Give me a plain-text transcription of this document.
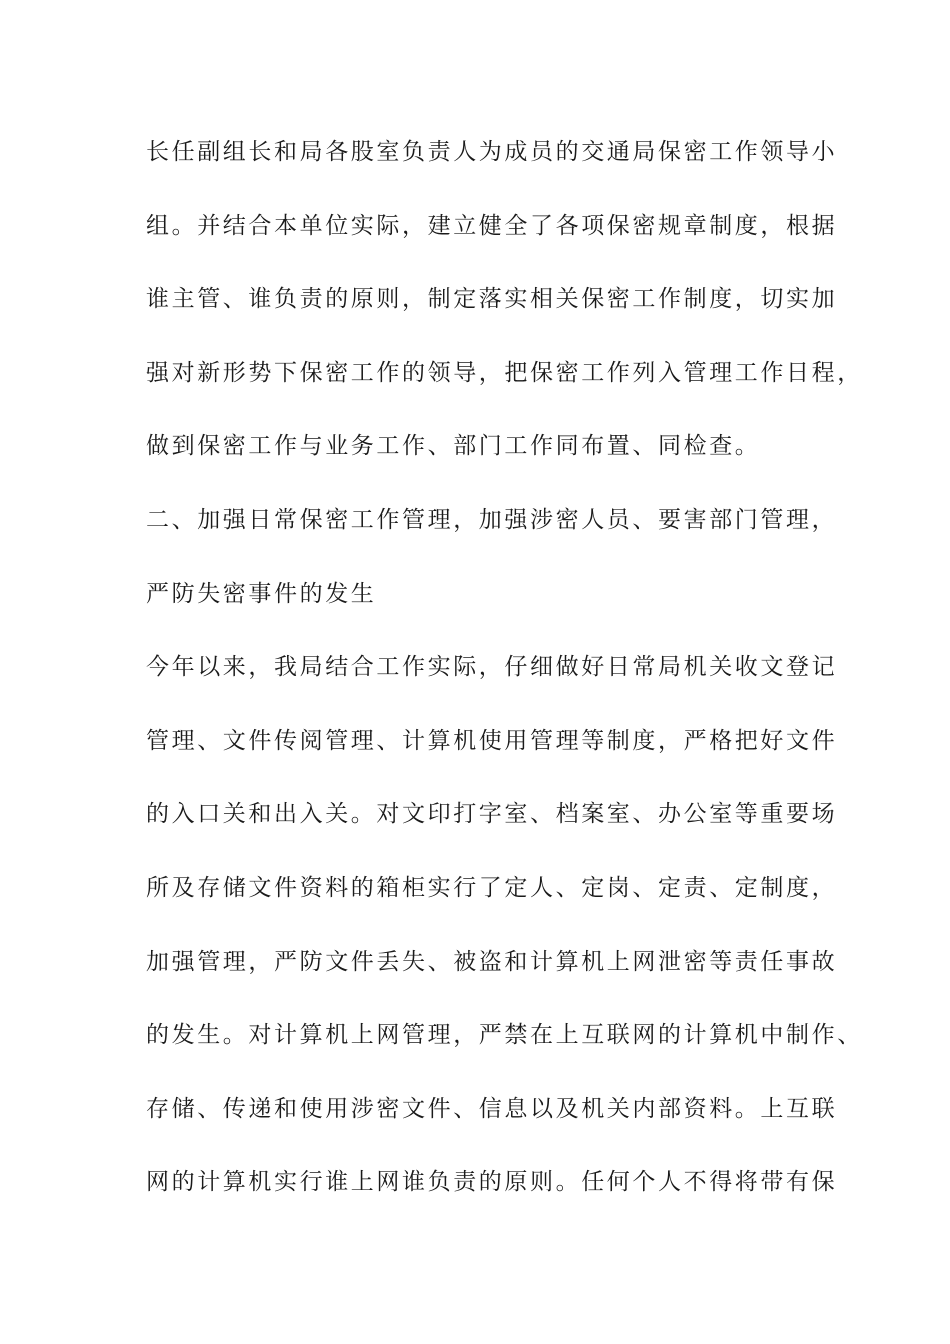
长任副组长和局各股室负责人为成员的交通局保密工作领导小
组。并结合本单位实际，建立健全了各项保密规章制度，根据
谁主管、谁负责的原则，制定落实相关保密工作制度，切实加
强对新形势下保密工作的领导，把保密工作列入管理工作日程，
做到保密工作与业务工作、部门工作同布置、同检查。
二、加强日常保密工作管理，加强涉密人员、要害部门管理，
严防失密事件的发生
今年以来，我局结合工作实际，仔细做好日常局机关收文登记
管理、文件传阅管理、计算机使用管理等制度，严格把好文件
的入口关和出入关。对文印打字室、档案室、办公室等重要场
所及存储文件资料的箱柜实行了定人、定岗、定责、定制度，
加强管理，严防文件丢失、被盗和计算机上网泄密等责任事故
的发生。对计算机上网管理，严禁在上互联网的计算机中制作、
存储、传递和使用涉密文件、信息以及机关内部资料。上互联
网的计算机实行谁上网谁负责的原则。任何个人不得将带有保
